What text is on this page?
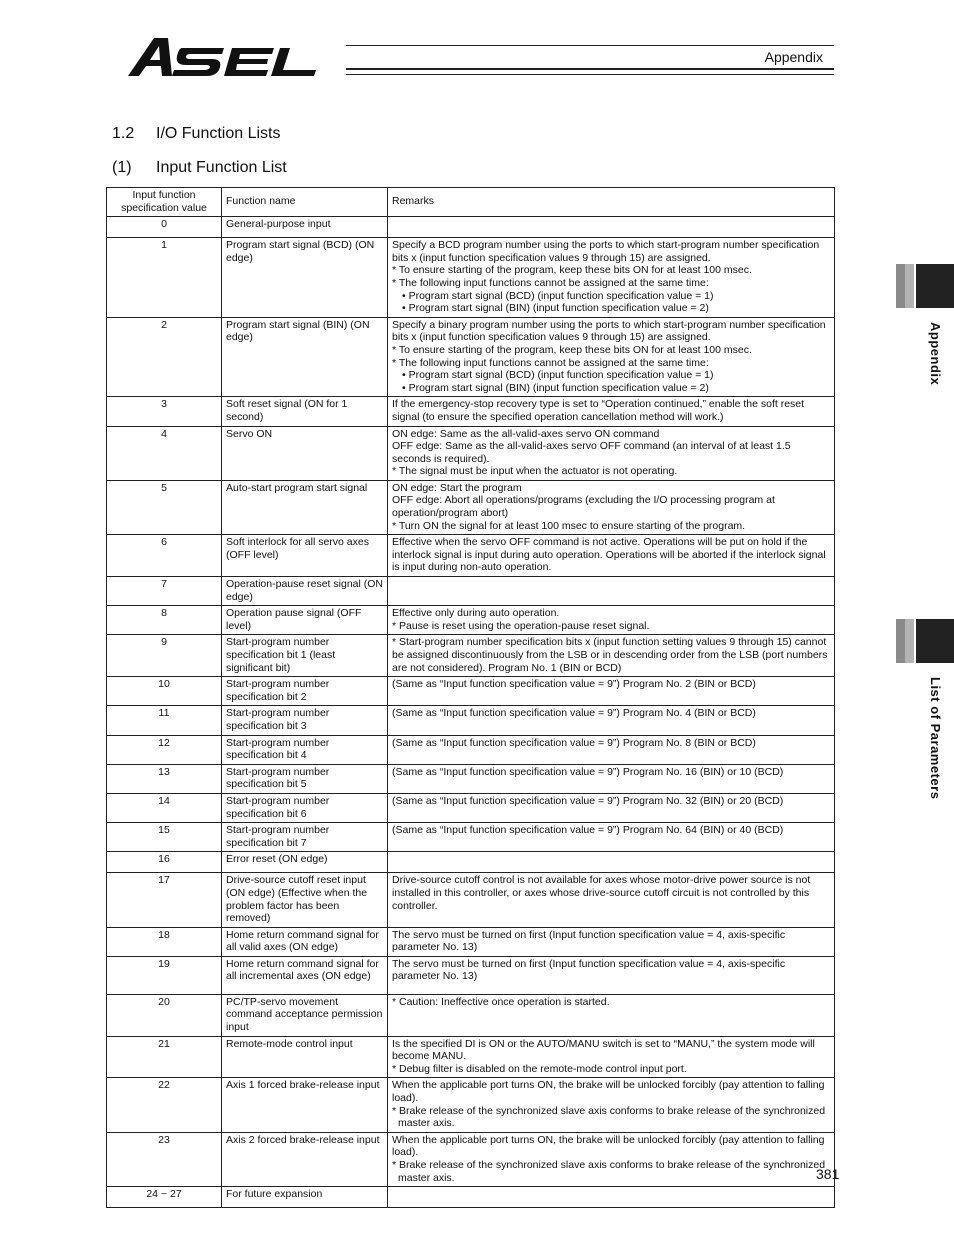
Appendix
1.2 I/O Function Lists
(1) Input Function List
Input function specification value	Function name	Remarks
0	General-purpose input	
1	Program start signal (BCD) (ON edge)	Specify a BCD program number using the ports to which start-program number specification bits x (input function specification values 9 through 15) are assigned.
* To ensure starting of the program, keep these bits ON for at least 100 msec.
* The following input functions cannot be assigned at the same time:
• Program start signal (BCD) (input function specification value = 1)
• Program start signal (BIN) (input function specification value = 2)

2	Program start signal (BIN) (ON edge)	Specify a binary program number using the ports to which start-program number specification bits x (input function specification values 9 through 15) are assigned.
* To ensure starting of the program, keep these bits ON for at least 100 msec.
* The following input functions cannot be assigned at the same time:
• Program start signal (BCD) (input function specification value = 1)
• Program start signal (BIN) (input function specification value = 2)

3	Soft reset signal (ON for 1 second)	If the emergency-stop recovery type is set to “Operation continued,” enable the soft reset signal (to ensure the specified operation cancellation method will work.)

4	Servo ON	ON edge: Same as the all-valid-axes servo ON command
OFF edge: Same as the all-valid-axes servo OFF command (an interval of at least 1.5 seconds is required).
* The signal must be input when the actuator is not operating.

5	Auto-start program start signal	ON edge: Start the program
OFF edge: Abort all operations/programs (excluding the I/O processing program at operation/program abort)
* Turn ON the signal for at least 100 msec to ensure starting of the program.

6	Soft interlock for all servo axes (OFF level)	Effective when the servo OFF command is not active. Operations will be put on hold if the interlock signal is input during auto operation. Operations will be aborted if the interlock signal is input during non-auto operation.

7	Operation-pause reset signal (ON edge)	
8	Operation pause signal (OFF level)	Effective only during auto operation.
* Pause is reset using the operation-pause reset signal.

9	Start-program number specification bit 1 (least significant bit)	* Start-program number specification bits x (input function setting values 9 through 15) cannot be assigned discontinuously from the LSB or in descending order from the LSB (port numbers are not considered). Program No. 1 (BIN or BCD)

10	Start-program number specification bit 2	(Same as “Input function specification value = 9”) Program No. 2 (BIN or BCD)

11	Start-program number specification bit 3	(Same as “Input function specification value = 9”) Program No. 4 (BIN or BCD)

12	Start-program number specification bit 4	(Same as “Input function specification value = 9”) Program No. 8 (BIN or BCD)

13	Start-program number specification bit 5	(Same as “Input function specification value = 9”) Program No. 16 (BIN) or 10 (BCD)

14	Start-program number specification bit 6	(Same as “Input function specification value = 9”) Program No. 32 (BIN) or 20 (BCD)

15	Start-program number specification bit 7	(Same as “Input function specification value = 9”) Program No. 64 (BIN) or 40 (BCD)

16	Error reset (ON edge)	
17	Drive-source cutoff reset input (ON edge) (Effective when the problem factor has been removed)	Drive-source cutoff control is not available for axes whose motor-drive power source is not installed in this controller, or axes whose drive-source cutoff circuit is not controlled by this controller.

18	Home return command signal for all valid axes (ON edge)	The servo must be turned on first (Input function specification value = 4, axis-specific parameter No. 13)

19	Home return command signal for all incremental axes (ON edge)	The servo must be turned on first (Input function specification value = 4, axis-specific parameter No. 13)

20	PC/TP-servo movement command acceptance permission input	* Caution: Ineffective once operation is started.

21	Remote-mode control input	Is the specified DI is ON or the AUTO/MANU switch is set to “MANU,” the system mode will become MANU.
* Debug filter is disabled on the remote-mode control input port.

22	Axis 1 forced brake-release input	When the applicable port turns ON, the brake will be unlocked forcibly (pay attention to falling load).
* Brake release of the synchronized slave axis conforms to brake release of the synchronized master axis.

23	Axis 2 forced brake-release input	When the applicable port turns ON, the brake will be unlocked forcibly (pay attention to falling load).
* Brake release of the synchronized slave axis conforms to brake release of the synchronized master axis.

24 ~ 27	For future expansion	
Appendix
List of Parameters
381
